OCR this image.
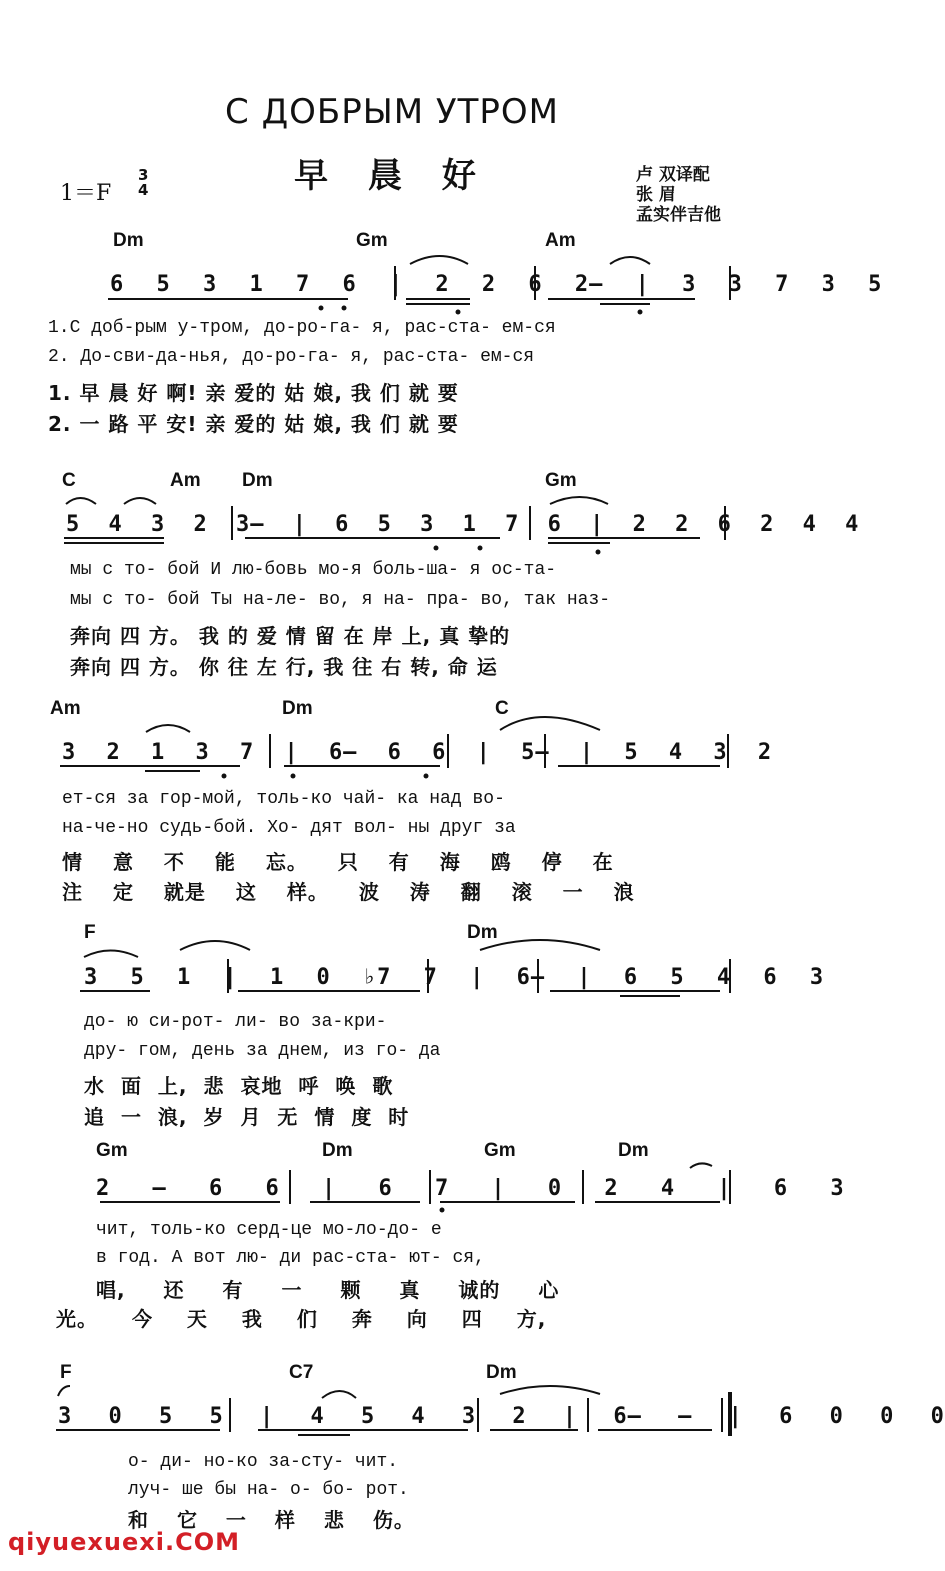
С ДОБРЫМ УТРОМ
早 晨 好
1＝F
3
4
卢 双译配
张 眉
孟实伴吉他
Dm	Gm	Am
6 5 3 1 7 6 | 2 2 6 2— | 3 3 7 3 5
1.С доб-рым у-тром, до-ро-га- я, рас-ста- ем-ся
2. До-сви-да-нья, до-ро-га- я, рас-ста- ем-ся
1. 早 晨 好 啊! 亲 爱的 姑 娘, 我 们 就 要
2. 一 路 平 安! 亲 爱的 姑 娘, 我 们 就 要
C	Am Dm	Gm
5 4 3 2 3— | 6 5 3 1 7 6 | 2 2 6 2 4 4
мы с то- бой И лю-бовь мо-я боль-ша- я ос-та-
мы с то- бой Ты на-ле- во, я на- пра- во, так наз-
奔向 四 方。 我 的 爱 情 留 在 岸 上, 真 挚的
奔向 四 方。 你 往 左 行, 我 往 右 转, 命 运
Am	Dm	C
3 2 1 3 7 | 6— 6 6 | 5— | 5 4 3 2
ет-ся за гор-мой, толь-ко чай- ка над во-
на-че-но судь-бой. Хо- дят вол- ны друг за
情 意 不 能 忘。 只 有 海 鸥 停 在
注 定 就是 这 样。 波 涛 翻 滚 一 浪
F	Dm
3 5 1 | 1 0 ♭7 7 | 6— | 6 5 4 6 3
до- ю си-рот- ли- во за-кри-
дру- гом, день за днем, из го- да
水 面 上, 悲 哀地 呼 唤 歌
追 一 浪, 岁 月 无 情 度 时
Gm	Dm	Gm	Dm
2 — 6 6 | 6 7 | 0 2 4 | 6 3
чит, толь-ко серд-це мо-ло-до- е
в год. А вот лю- ди рас-ста- ют- ся,
唱, 还 有 一 颗 真 诚的 心
光。 今 天 我 们 奔 向 四 方,
F	C7	Dm
3 0 5 5 | 4 5 4 3 2 | 6— — | 6 0 0 0
о- ди- но-ко за-сту- чит.
луч- ше бы на- о- бо- рот.
和 它 一 样 悲 伤。
qiyuexuexi.COM
